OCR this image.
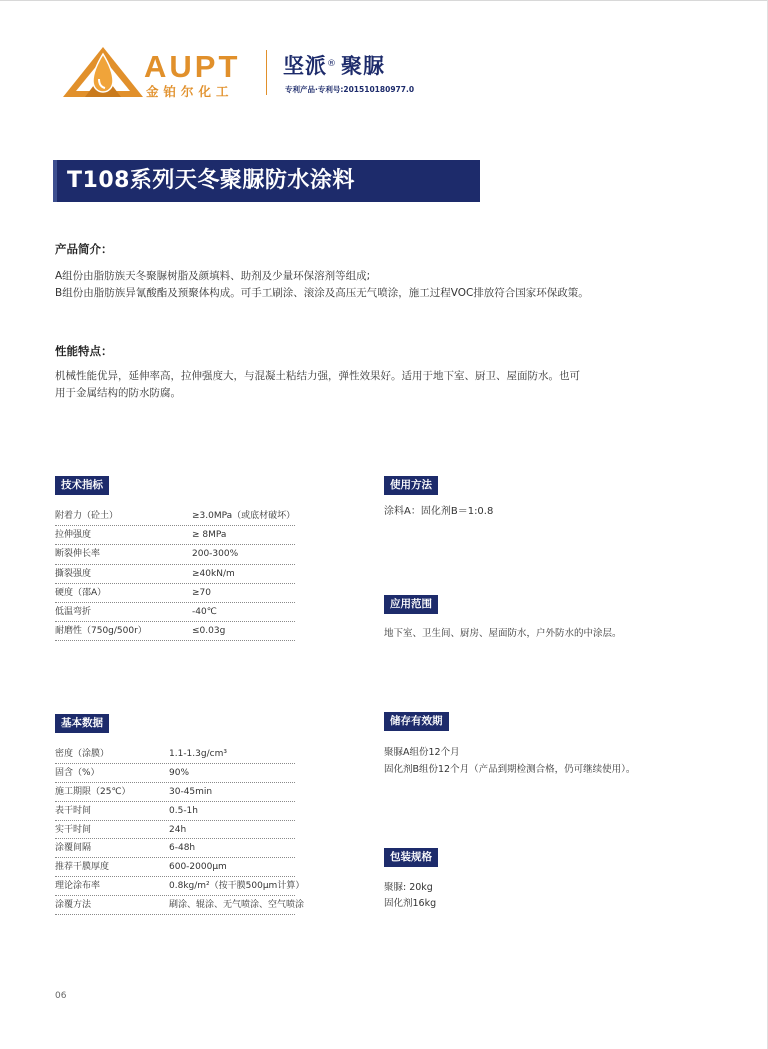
AUPT
金铂尔化工
坚派® 聚脲
专利产品·专利号:201510180977.0
T108系列天冬聚脲防水涂料
产品简介：
A组份由脂肪族天冬聚脲树脂及颜填料、助剂及少量环保溶剂等组成;
B组份由脂肪族异氰酸酯及预聚体构成。可手工刷涂、滚涂及高压无气喷涂，施工过程VOC排放符合国家环保政策。
性能特点：
机械性能优异，延伸率高，拉伸强度大，与混凝土粘结力强，弹性效果好。适用于地下室、厨卫、屋面防水。也可
用于金属结构的防水防腐。
技术指标
附着力（砼土）	≥3.0MPa（或底材破坏）
拉伸强度	≥ 8MPa
断裂伸长率	200-300%
撕裂强度	≥40kN/m
硬度（邵A）	≥70
低温弯折	-40℃
耐磨性（750g/500r）	≤0.03g
基本数据
密度（涂膜）	1.1-1.3g/cm³
固含（%）	90%
施工期限（25℃）	30-45min
表干时间	0.5-1h
实干时间	24h
涂覆间隔	6-48h
推荐干膜厚度	600-2000μm
理论涂布率	0.8kg/m²（按干膜500μm计算）
涂覆方法	刷涂、辊涂、无气喷涂、空气喷涂
使用方法
涂料A：固化剂B＝1:0.8
应用范围
地下室、卫生间、厨房、屋面防水，户外防水的中涂层。
储存有效期
聚脲A组份12个月
固化剂B组份12个月（产品到期检测合格，仍可继续使用）。
包装规格
聚脲: 20kg
固化剂16kg
06
